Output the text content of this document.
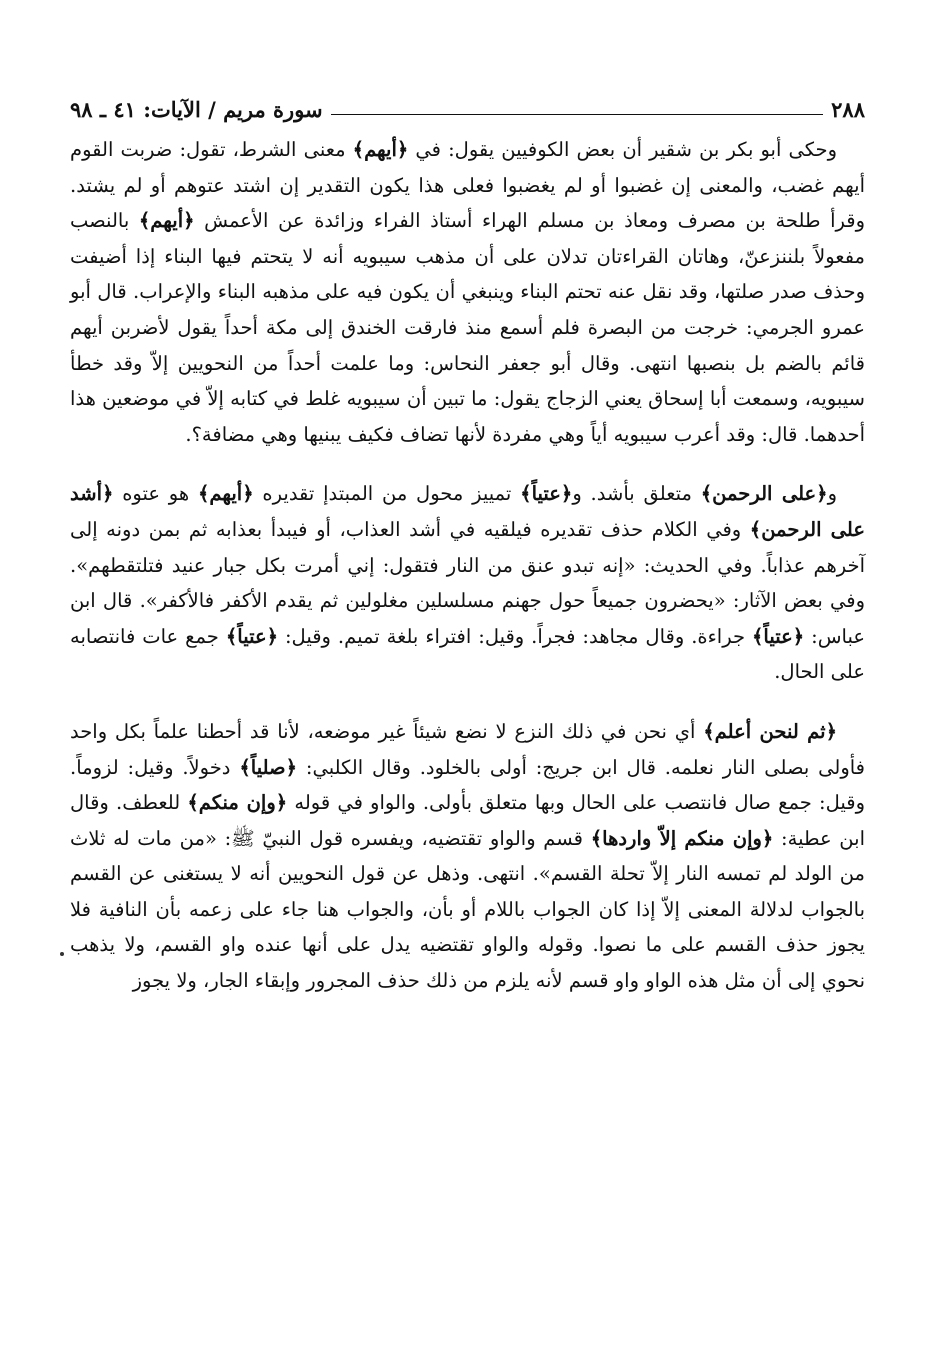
٢٨٨
سورة مريم / الآيات: ٤١ ـ ٩٨

وحكى أبو بكر بن شقير أن بعض الكوفيين يقول: في ﴿أيهم﴾ معنى الشرط، تقول: ضربت القوم أيهم غضب، والمعنى إن غضبوا أو لم يغضبوا فعلى هذا يكون التقدير إن اشتد عتوهم أو لم يشتد. وقرأ طلحة بن مصرف ومعاذ بن مسلم الهراء أستاذ الفراء وزائدة عن الأعمش ﴿أيهم﴾ بالنصب مفعولاً بلننزعنّ، وهاتان القراءتان تدلان على أن مذهب سيبويه أنه لا يتحتم فيها البناء إذا أضيفت وحذف صدر صلتها، وقد نقل عنه تحتم البناء وينبغي أن يكون فيه على مذهبه البناء والإعراب. قال أبو عمرو الجرمي: خرجت من البصرة فلم أسمع منذ فارقت الخندق إلى مكة أحداً يقول لأضربن أيهم قائم بالضم بل بنصبها انتهى. وقال أبو جعفر النحاس: وما علمت أحداً من النحويين إلاّ وقد خطأ سيبويه، وسمعت أبا إسحاق يعني الزجاج يقول: ما تبين أن سيبويه غلط في كتابه إلاّ في موضعين هذا أحدهما. قال: وقد أعرب سيبويه أياً وهي مفردة لأنها تضاف فكيف يبنيها وهي مضافة؟.

و﴿على الرحمن﴾ متعلق بأشد. و﴿عتياً﴾ تمييز محول من المبتدإ تقديره ﴿أيهم﴾ هو عتوه ﴿أشد على الرحمن﴾ وفي الكلام حذف تقديره فيلقيه في أشد العذاب، أو فيبدأ بعذابه ثم بمن دونه إلى آخرهم عذاباً. وفي الحديث: «إنه تبدو عنق من النار فتقول: إني أمرت بكل جبار عنيد فتلتقطهم». وفي بعض الآثار: «يحضرون جميعاً حول جهنم مسلسلين مغلولين ثم يقدم الأكفر فالأكفر». قال ابن عباس: ﴿عتياً﴾ جراءة. وقال مجاهد: فجراً. وقيل: افتراء بلغة تميم. وقيل: ﴿عتياً﴾ جمع عات فانتصابه على الحال.

﴿ثم لنحن أعلم﴾ أي نحن في ذلك النزع لا نضع شيئاً غير موضعه، لأنا قد أحطنا علماً بكل واحد فأولى بصلى النار نعلمه. قال ابن جريج: أولى بالخلود. وقال الكلبي: ﴿صلياً﴾ دخولاً. وقيل: لزوماً. وقيل: جمع صال فانتصب على الحال وبها متعلق بأولى. والواو في قوله ﴿وإن منكم﴾ للعطف. وقال ابن عطية: ﴿وإن منكم إلاّ واردها﴾ قسم والواو تقتضيه، ويفسره قول النبيّ ﷺ: «من مات له ثلاث من الولد لم تمسه النار إلاّ تحلة القسم». انتهى. وذهل عن قول النحويين أنه لا يستغنى عن القسم بالجواب لدلالة المعنى إلاّ إذا كان الجواب باللام أو بأن، والجواب هنا جاء على زعمه بأن النافية فلا يجوز حذف القسم على ما نصوا. وقوله والواو تقتضيه يدل على أنها عنده واو القسم، ولا يذهب نحوي إلى أن مثل هذه الواو واو قسم لأنه يلزم من ذلك حذف المجرور وإبقاء الجار، ولا يجوز
